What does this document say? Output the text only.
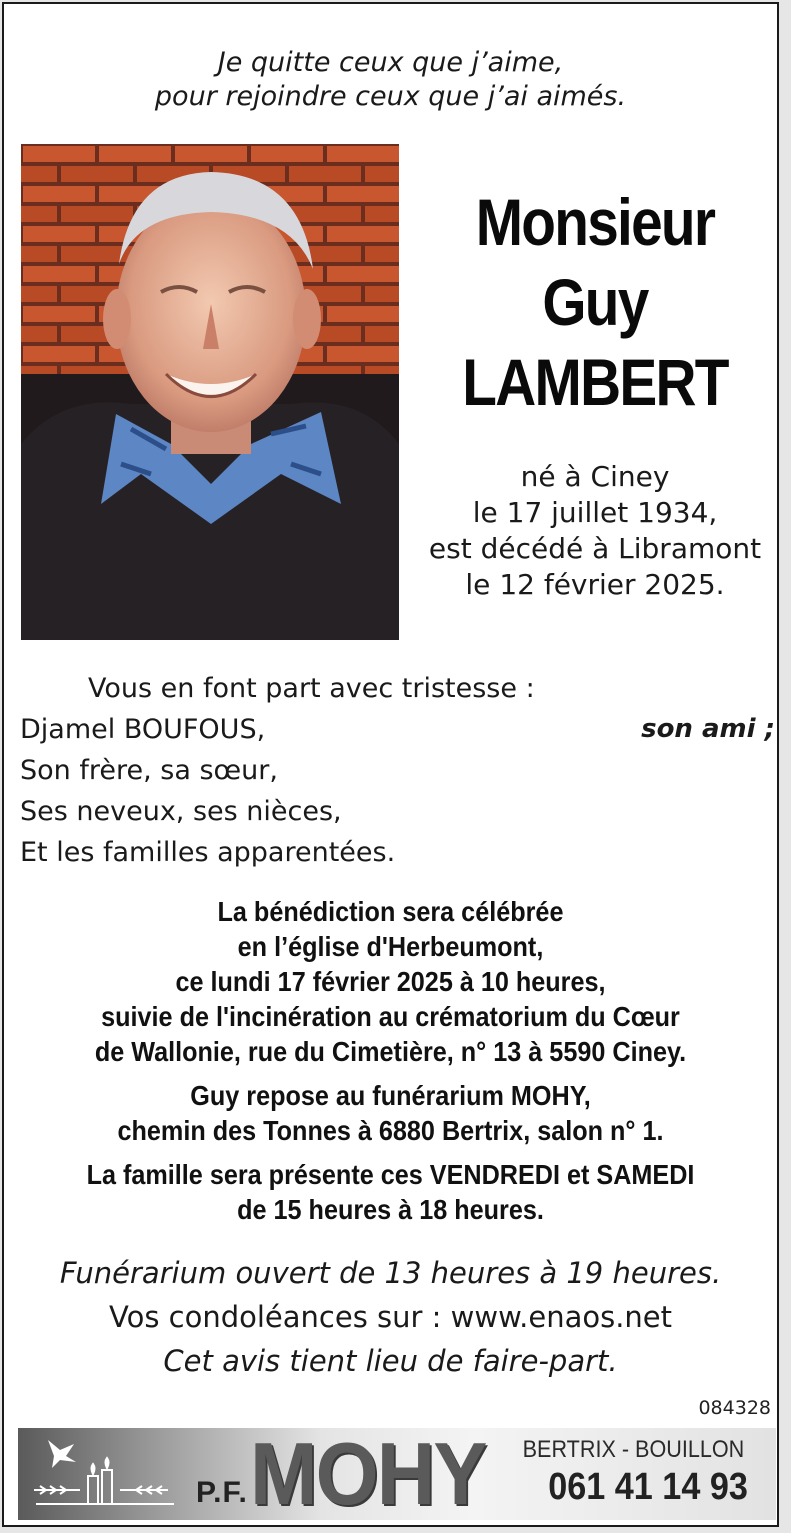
Je quitte ceux que j’aime,
pour rejoindre ceux que j’ai aimés.
Monsieur
Guy
LAMBERT
né à Ciney
le 17 juillet 1934,
est décédé à Libramont
le 12 février 2025.
Vous en font part avec tristesse :
Djamel BOUFOUS,	son ami ;
Son frère, sa sœur,
Ses neveux, ses nièces,
Et les familles apparentées.
La bénédiction sera célébrée
en l’église d'Herbeumont,
ce lundi 17 février 2025 à 10 heures,
suivie de l'incinération au crématorium du Cœur
de Wallonie, rue du Cimetière, n° 13 à 5590 Ciney.
Guy repose au funérarium MOHY,
chemin des Tonnes à 6880 Bertrix, salon n° 1.
La famille sera présente ces VENDREDI et SAMEDI
de 15 heures à 18 heures.
Funérarium ouvert de 13 heures à 19 heures.
Vos condoléances sur : www.enaos.net
Cet avis tient lieu de faire-part.
084328
P.F. MOHY BERTRIX - BOUILLON
061 41 14 93
